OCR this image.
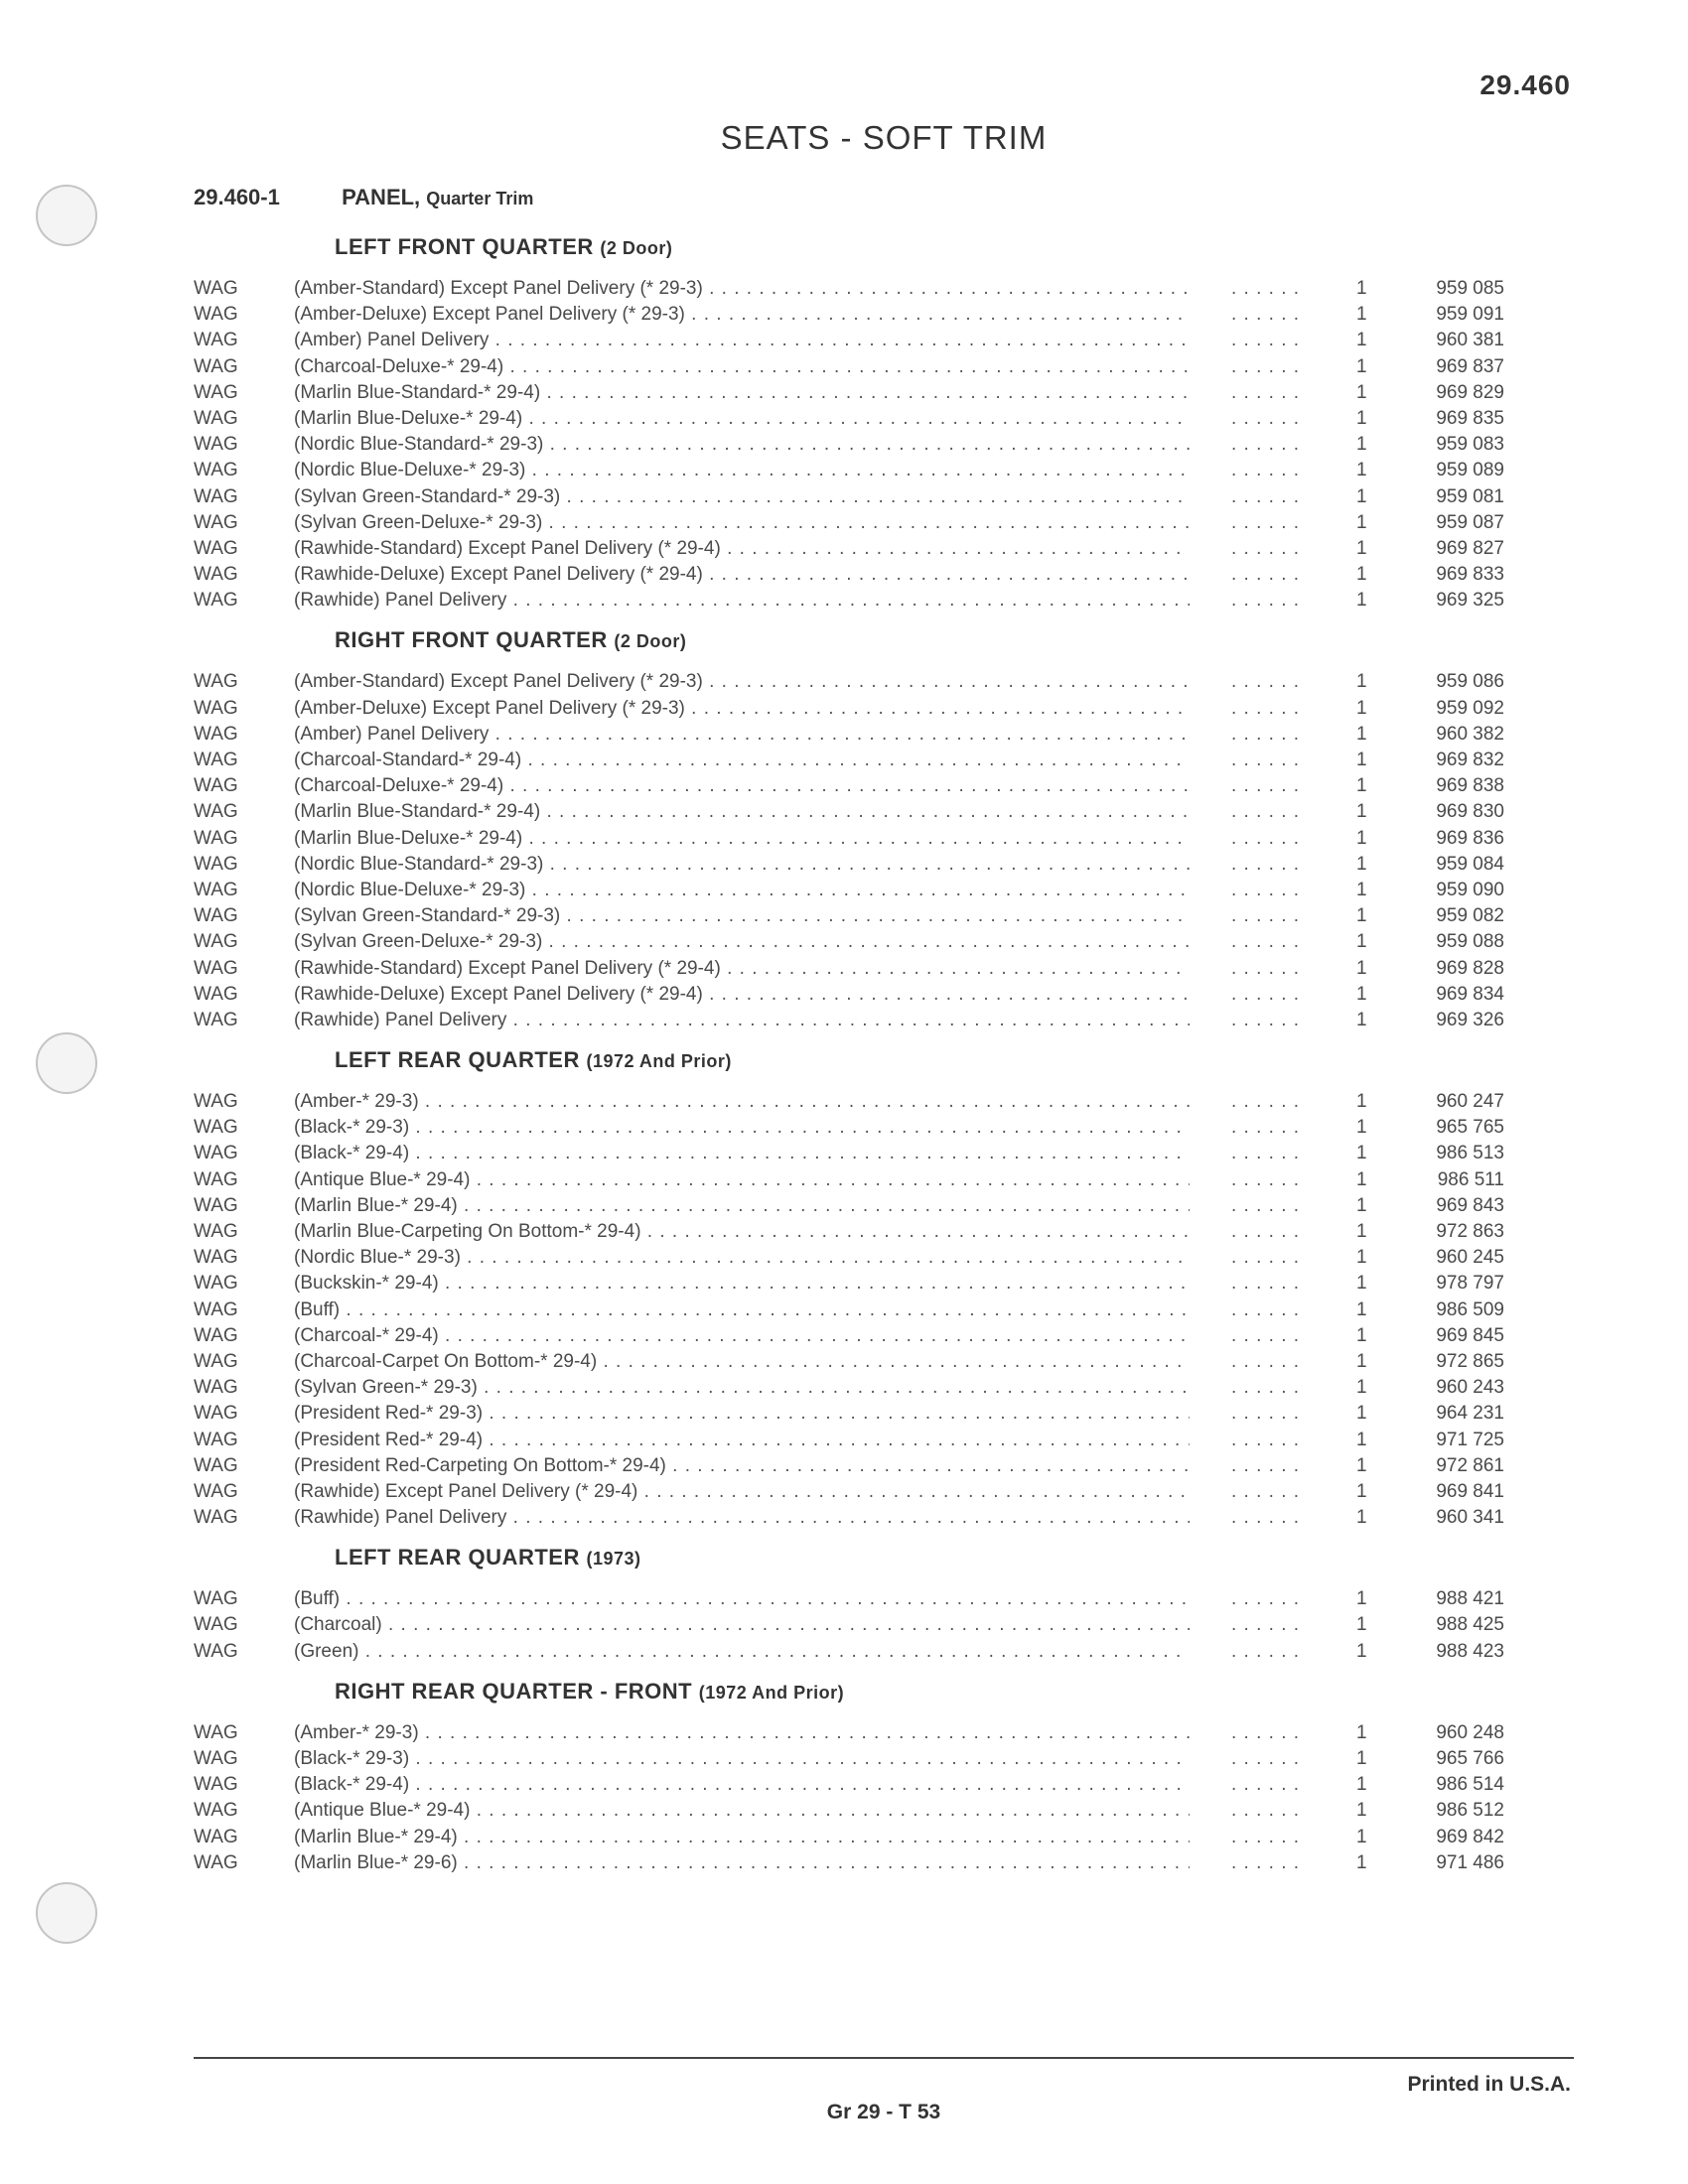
29.460
SEATS - SOFT TRIM
29.460-1	PANEL, Quarter Trim
LEFT FRONT QUARTER (2 Door)
WAG	(Amber-Standard) Except Panel Delivery (* 29-3) . . .	. . . . . .	1	959 085
WAG	(Amber-Deluxe) Except Panel Delivery (* 29-3) . . .	. . . . . .	1	959 091
WAG	(Amber) Panel Delivery . . .	. . . . . .	1	960 381
WAG	(Charcoal-Deluxe-* 29-4) . . .	. . . . . .	1	969 837
WAG	(Marlin Blue-Standard-* 29-4) . . .	. . . . . .	1	969 829
WAG	(Marlin Blue-Deluxe-* 29-4) . . .	. . . . . .	1	969 835
WAG	(Nordic Blue-Standard-* 29-3) . . .	. . . . . .	1	959 083
WAG	(Nordic Blue-Deluxe-* 29-3) . . .	. . . . . .	1	959 089
WAG	(Sylvan Green-Standard-* 29-3) . . .	. . . . . .	1	959 081
WAG	(Sylvan Green-Deluxe-* 29-3) . . .	. . . . . .	1	959 087
WAG	(Rawhide-Standard) Except Panel Delivery (* 29-4) . . .	. . . . . .	1	969 827
WAG	(Rawhide-Deluxe) Except Panel Delivery (* 29-4) . . .	. . . . . .	1	969 833
WAG	(Rawhide) Panel Delivery . . .	. . . . . .	1	969 325
RIGHT FRONT QUARTER (2 Door)
WAG	(Amber-Standard) Except Panel Delivery (* 29-3) . . .	. . . . . .	1	959 086
WAG	(Amber-Deluxe) Except Panel Delivery (* 29-3) . . .	. . . . . .	1	959 092
WAG	(Amber) Panel Delivery . . .	. . . . . .	1	960 382
WAG	(Charcoal-Standard-* 29-4) . . .	. . . . . .	1	969 832
WAG	(Charcoal-Deluxe-* 29-4) . . .	. . . . . .	1	969 838
WAG	(Marlin Blue-Standard-* 29-4) . . .	. . . . . .	1	969 830
WAG	(Marlin Blue-Deluxe-* 29-4) . . .	. . . . . .	1	969 836
WAG	(Nordic Blue-Standard-* 29-3) . . .	. . . . . .	1	959 084
WAG	(Nordic Blue-Deluxe-* 29-3) . . .	. . . . . .	1	959 090
WAG	(Sylvan Green-Standard-* 29-3) . . .	. . . . . .	1	959 082
WAG	(Sylvan Green-Deluxe-* 29-3) . . .	. . . . . .	1	959 088
WAG	(Rawhide-Standard) Except Panel Delivery (* 29-4) . . .	. . . . . .	1	969 828
WAG	(Rawhide-Deluxe) Except Panel Delivery (* 29-4) . . .	. . . . . .	1	969 834
WAG	(Rawhide) Panel Delivery . . .	. . . . . .	1	969 326
LEFT REAR QUARTER (1972 And Prior)
WAG	(Amber-* 29-3) . . .	. . . . . .	1	960 247
WAG	(Black-* 29-3) . . .	. . . . . .	1	965 765
WAG	(Black-* 29-4) . . .	. . . . . .	1	986 513
WAG	(Antique Blue-* 29-4) . . .	. . . . . .	1	986 511
WAG	(Marlin Blue-* 29-4) . . .	. . . . . .	1	969 843
WAG	(Marlin Blue-Carpeting On Bottom-* 29-4) . . .	. . . . . .	1	972 863
WAG	(Nordic Blue-* 29-3) . . .	. . . . . .	1	960 245
WAG	(Buckskin-* 29-4) . . .	. . . . . .	1	978 797
WAG	(Buff) . . .	. . . . . .	1	986 509
WAG	(Charcoal-* 29-4) . . .	. . . . . .	1	969 845
WAG	(Charcoal-Carpet On Bottom-* 29-4) . . .	. . . . . .	1	972 865
WAG	(Sylvan Green-* 29-3) . . .	. . . . . .	1	960 243
WAG	(President Red-* 29-3) . . .	. . . . . .	1	964 231
WAG	(President Red-* 29-4) . . .	. . . . . .	1	971 725
WAG	(President Red-Carpeting On Bottom-* 29-4) . . .	. . . . . .	1	972 861
WAG	(Rawhide) Except Panel Delivery (* 29-4) . . .	. . . . . .	1	969 841
WAG	(Rawhide) Panel Delivery . . .	. . . . . .	1	960 341
LEFT REAR QUARTER (1973)
WAG	(Buff) . . .	. . . . . .	1	988 421
WAG	(Charcoal) . . .	. . . . . .	1	988 425
WAG	(Green) . . .	. . . . . .	1	988 423
RIGHT REAR QUARTER - FRONT (1972 And Prior)
WAG	(Amber-* 29-3) . . .	. . . . . .	1	960 248
WAG	(Black-* 29-3) . . .	. . . . . .	1	965 766
WAG	(Black-* 29-4) . . .	. . . . . .	1	986 514
WAG	(Antique Blue-* 29-4) . . .	. . . . . .	1	986 512
WAG	(Marlin Blue-* 29-4) . . .	. . . . . .	1	969 842
WAG	(Marlin Blue-* 29-6) . . .	. . . . . .	1	971 486
Printed in U.S.A.
Gr 29 - T 53
